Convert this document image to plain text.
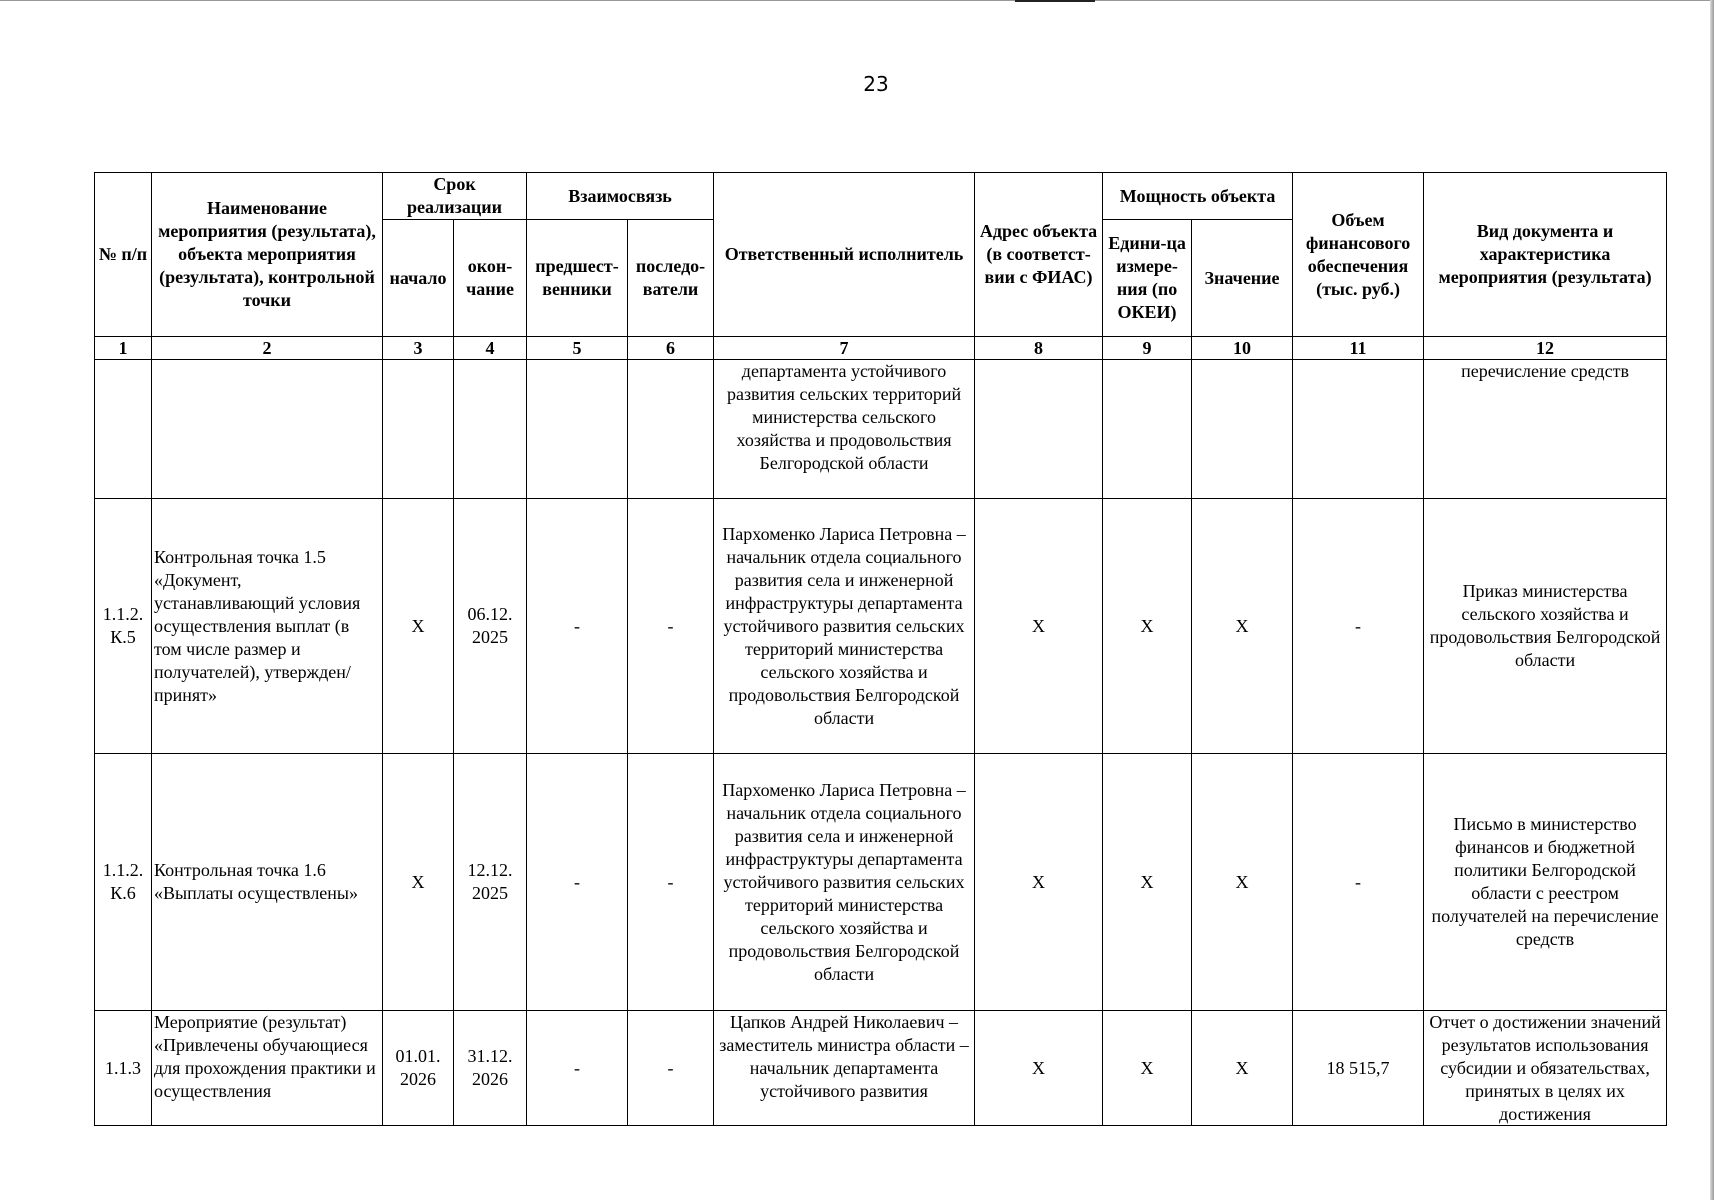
23
№ п/п	Наименование мероприятия (результата), объекта мероприятия (результата), контрольной точки	Срок реализации		Взаимосвязь		Ответственный исполнитель	Адрес объекта (в соответст-вии с ФИАС)	Мощность объекта		Объем финансового обеспечения (тыс. руб.)	Вид документа и характеристика мероприятия (результата)
		начало	окон-чание	предшест-венники	последо-ватели			Едини-ца измере-ния (по ОКЕИ)	Значение		
1	2	3	4	5	6	7	8	9	10	11	12
						департамента устойчивого развития сельских территорий министерства сельского хозяйства и продовольствия Белгородской области					перечисление средств
1.1.2. К.5	Контрольная точка 1.5 «Документ, устанавливающий условия осуществления выплат (в том числе размер и получателей), утвержден/принят»	X	06.12. 2025	-	-	Пархоменко Лариса Петровна – начальник отдела социального развития села и инженерной инфраструктуры департамента устойчивого развития сельских территорий министерства сельского хозяйства и продовольствия Белгородской области	X	X	X	-	Приказ министерства сельского хозяйства и продовольствия Белгородской области
1.1.2. К.6	Контрольная точка 1.6 «Выплаты осуществлены»	X	12.12. 2025	-	-	Пархоменко Лариса Петровна – начальник отдела социального развития села и инженерной инфраструктуры департамента устойчивого развития сельских территорий министерства сельского хозяйства и продовольствия Белгородской области	X	X	X	-	Письмо в министерство финансов и бюджетной политики Белгородской области с реестром получателей на перечисление средств
1.1.3	Мероприятие (результат) «Привлечены обучающиеся для прохождения практики и осуществления	01.01. 2026	31.12. 2026	-	-	Цапков Андрей Николаевич – заместитель министра области – начальник департамента устойчивого развития	X	X	X	18 515,7	Отчет о достижении значений результатов использования субсидии и обязательствах, принятых в целях их достижения
